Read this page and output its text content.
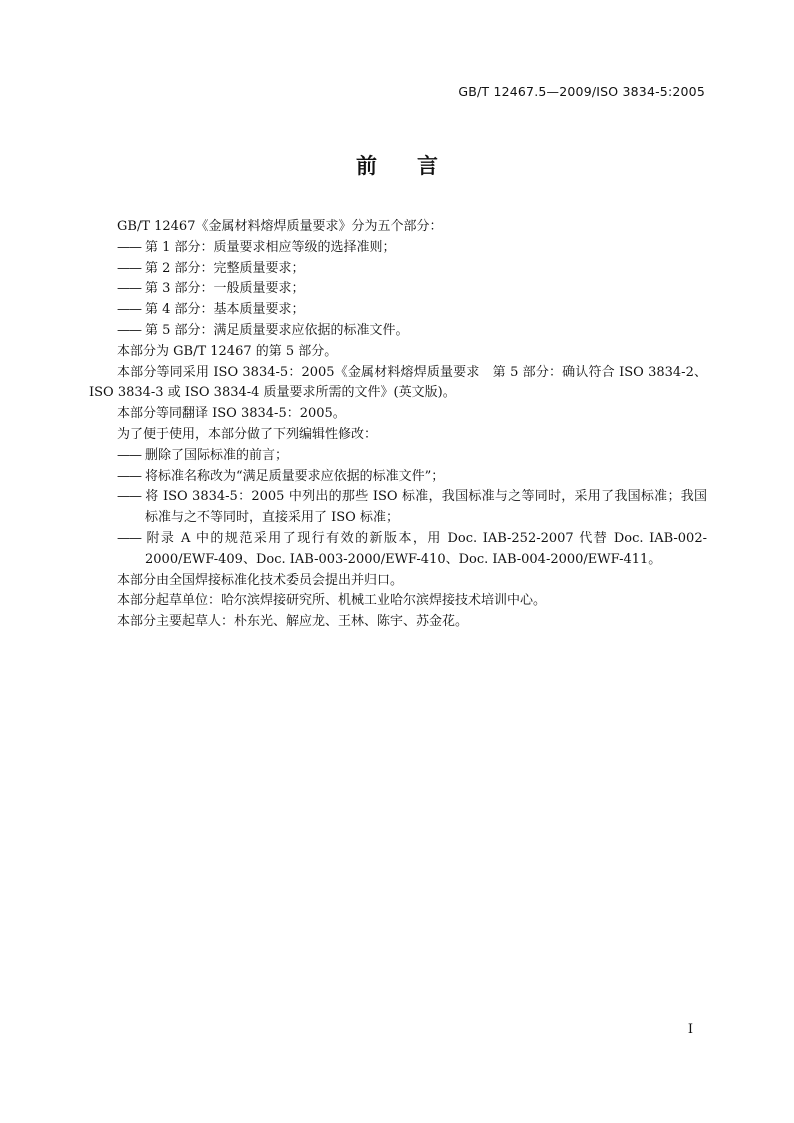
GB/T 12467.5—2009/ISO 3834-5:2005
前言

GB/T 12467《金属材料熔焊质量要求》分为五个部分：

—— 第 1 部分：质量要求相应等级的选择准则；

—— 第 2 部分：完整质量要求；

—— 第 3 部分：一般质量要求；

—— 第 4 部分：基本质量要求；

—— 第 5 部分：满足质量要求应依据的标准文件。

本部分为 GB/T 12467 的第 5 部分。

本部分等同采用 ISO 3834-5：2005《金属材料熔焊质量要求　第 5 部分：确认符合 ISO 3834-2、ISO 3834-3 或 ISO 3834-4 质量要求所需的文件》(英文版)。

本部分等同翻译 ISO 3834-5：2005。

为了便于使用，本部分做了下列编辑性修改：

—— 删除了国际标准的前言；

—— 将标准名称改为“满足质量要求应依据的标准文件”；

—— 将 ISO 3834-5：2005 中列出的那些 ISO 标准，我国标准与之等同时，采用了我国标准；我国标准与之不等同时，直接采用了 ISO 标准；

—— 附录 A 中的规范采用了现行有效的新版本，用 Doc. IAB-252-2007 代替 Doc. IAB-002-2000/EWF-409、Doc. IAB-003-2000/EWF-410、Doc. IAB-004-2000/EWF-411。

本部分由全国焊接标准化技术委员会提出并归口。

本部分起草单位：哈尔滨焊接研究所、机械工业哈尔滨焊接技术培训中心。

本部分主要起草人：朴东光、解应龙、王林、陈宇、苏金花。

I
